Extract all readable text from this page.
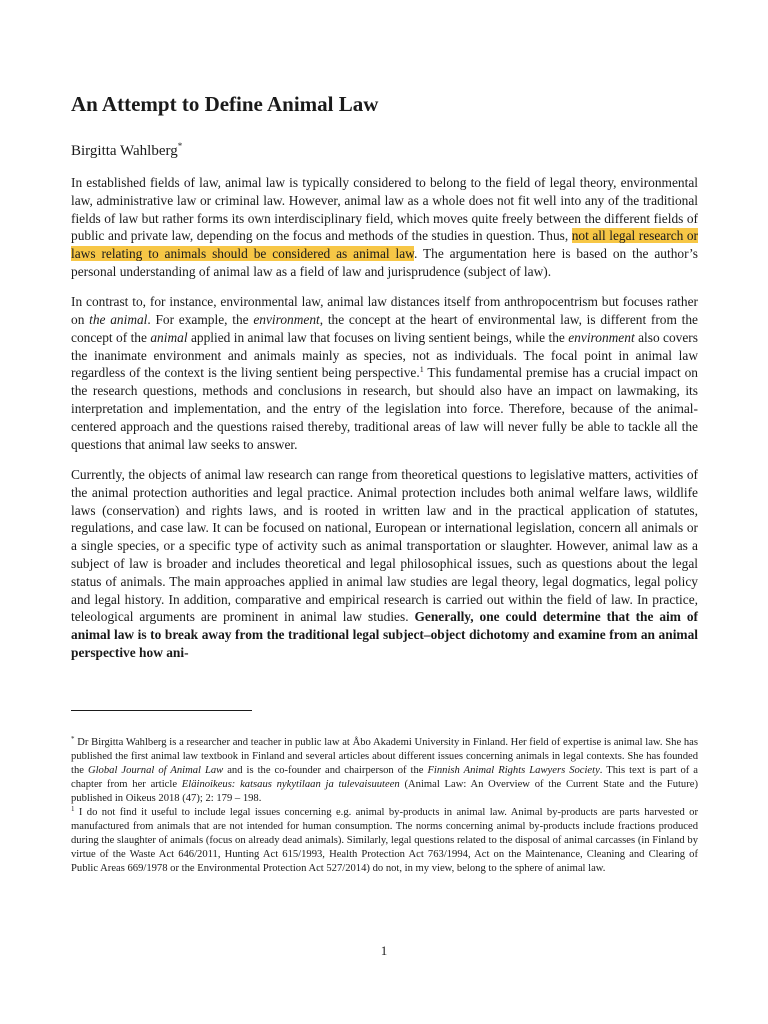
An Attempt to Define Animal Law
Birgitta Wahlberg*

In established fields of law, animal law is typically considered to belong to the field of legal theory, environmental law, administrative law or criminal law. However, animal law as a whole does not fit well into any of the traditional fields of law but rather forms its own interdisciplinary field, which moves quite freely between the different fields of public and private law, depending on the focus and methods of the studies in question. Thus, not all legal research or laws relating to animals should be considered as animal law. The argumentation here is based on the author’s personal understanding of animal law as a field of law and jurisprudence (subject of law).

In contrast to, for instance, environmental law, animal law distances itself from anthropocentrism but focuses rather on the animal. For example, the environment, the concept at the heart of environmental law, is different from the concept of the animal applied in animal law that focuses on living sentient beings, while the environment also covers the inanimate environment and animals mainly as species, not as individuals. The focal point in animal law regardless of the context is the living sentient being perspective.$^1$ This fundamental premise has a crucial impact on the research questions, methods and conclusions in research, but should also have an impact on lawmaking, its interpretation and implementation, and the entry of the legislation into force. Therefore, because of the animal-centered approach and the questions raised thereby, traditional areas of law will never fully be able to tackle all the questions that animal law seeks to answer.

Currently, the objects of animal law research can range from theoretical questions to legislative matters, activities of the animal protection authorities and legal practice. Animal protection includes both animal welfare laws, wildlife laws (conservation) and rights laws, and is rooted in written law and in the practical application of statutes, regulations, and case law. It can be focused on national, European or international legislation, concern all animals or a single species, or a specific type of activity such as animal transportation or slaughter. However, animal law as a subject of law is broader and includes theoretical and legal philosophical issues, such as questions about the legal status of animals. The main approaches applied in animal law studies are legal theory, legal dogmatics, legal policy and legal history. In addition, comparative and empirical research is carried out within the field of law. In practice, teleological arguments are prominent in animal law studies. Generally, one could determine that the aim of animal law is to break away from the traditional legal subject–object dichotomy and examine from an animal perspective how ani-

* Dr Birgitta Wahlberg is a researcher and teacher in public law at Åbo Akademi University in Finland. Her field of expertise is animal law. She has published the first animal law textbook in Finland and several articles about different issues concerning animals in legal contexts. She has founded the Global Journal of Animal Law and is the co-founder and chairperson of the Finnish Animal Rights Lawyers Society. This text is part of a chapter from her article Eläinoikeus: katsaus nykytilaan ja tulevaisuuteen (Animal Law: An Overview of the Current State and the Future) published in Oikeus 2018 (47); 2: 179 – 198.

$^1$ I do not find it useful to include legal issues concerning e.g. animal by-products in animal law. Animal by-products are parts harvested or manufactured from animals that are not intended for human consumption. The norms concerning animal by-products include fractions produced during the slaughter of animals (focus on already dead animals). Similarly, legal questions related to the disposal of animal carcasses (in Finland by virtue of the Waste Act 646/2011, Hunting Act 615/1993, Health Protection Act 763/1994, Act on the Maintenance, Cleaning and Clearing of Public Areas 669/1978 or the Environmental Protection Act 527/2014) do not, in my view, belong to the sphere of animal law.

1
